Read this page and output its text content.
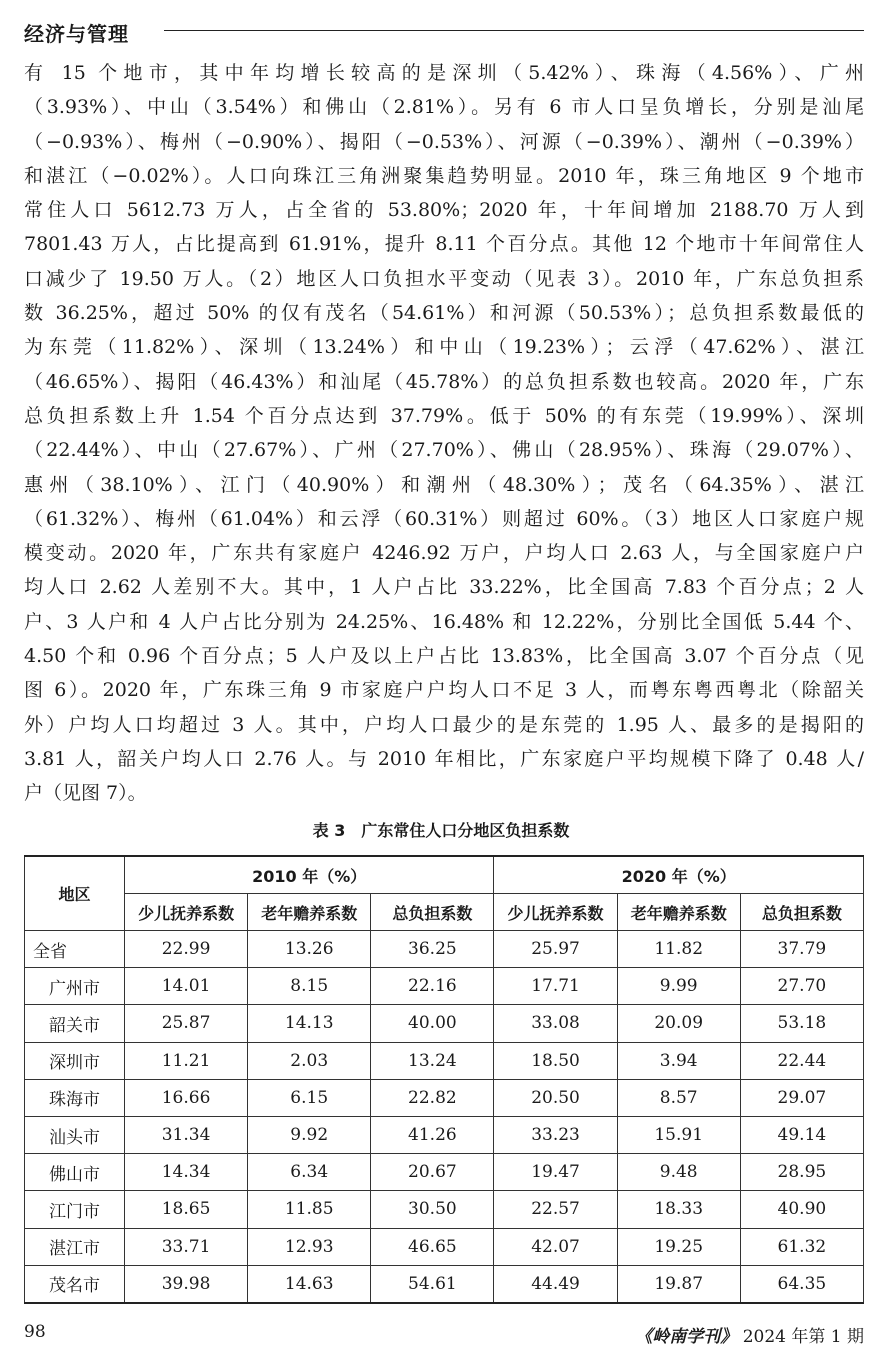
经济与管理
有 15 个地市，其中年均增长较高的是深圳（5.42%）、珠海（4.56%）、广州
（3.93%）、中山（3.54%）和佛山（2.81%）。另有 6 市人口呈负增长，分别是汕尾
（−0.93%）、梅州（−0.90%）、揭阳（−0.53%）、河源（−0.39%）、潮州（−0.39%）
和湛江（−0.02%）。人口向珠江三角洲聚集趋势明显。2010 年，珠三角地区 9 个地市
常住人口 5612.73 万人，占全省的 53.80%；2020 年，十年间增加 2188.70 万人到
7801.43 万人，占比提高到 61.91%，提升 8.11 个百分点。其他 12 个地市十年间常住人
口减少了 19.50 万人。（2）地区人口负担水平变动（见表 3）。2010 年，广东总负担系
数 36.25%，超过 50% 的仅有茂名（54.61%）和河源（50.53%）；总负担系数最低的
为东莞（11.82%）、深圳（13.24%）和中山（19.23%）；云浮（47.62%）、湛江
（46.65%）、揭阳（46.43%）和汕尾（45.78%）的总负担系数也较高。2020 年，广东
总负担系数上升 1.54 个百分点达到 37.79%。低于 50% 的有东莞（19.99%）、深圳
（22.44%）、中山（27.67%）、广州（27.70%）、佛山（28.95%）、珠海（29.07%）、
惠州（38.10%）、江门（40.90%）和潮州（48.30%）；茂名（64.35%）、湛江
（61.32%）、梅州（61.04%）和云浮（60.31%）则超过 60%。（3）地区人口家庭户规
模变动。2020 年，广东共有家庭户 4246.92 万户，户均人口 2.63 人，与全国家庭户户
均人口 2.62 人差别不大。其中，1 人户占比 33.22%，比全国高 7.83 个百分点；2 人
户、3 人户和 4 人户占比分别为 24.25%、16.48% 和 12.22%，分别比全国低 5.44 个、
4.50 个和 0.96 个百分点；5 人户及以上户占比 13.83%，比全国高 3.07 个百分点（见
图 6）。2020 年，广东珠三角 9 市家庭户户均人口不足 3 人，而粤东粤西粤北（除韶关
外）户均人口均超过 3 人。其中，户均人口最少的是东莞的 1.95 人、最多的是揭阳的
3.81 人，韶关户均人口 2.76 人。与 2010 年相比，广东家庭户平均规模下降了 0.48 人/
户（见图 7）。
表 3　广东常住人口分地区负担系数
地区	2010 年（%）			2020 年（%）		
	少儿抚养系数	老年赡养系数	总负担系数	少儿抚养系数	老年赡养系数	总负担系数
全省	22.99	13.26	36.25	25.97	11.82	37.79
广州市	14.01	8.15	22.16	17.71	9.99	27.70
韶关市	25.87	14.13	40.00	33.08	20.09	53.18
深圳市	11.21	2.03	13.24	18.50	3.94	22.44
珠海市	16.66	6.15	22.82	20.50	8.57	29.07
汕头市	31.34	9.92	41.26	33.23	15.91	49.14
佛山市	14.34	6.34	20.67	19.47	9.48	28.95
江门市	18.65	11.85	30.50	22.57	18.33	40.90
湛江市	33.71	12.93	46.65	42.07	19.25	61.32
茂名市	39.98	14.63	54.61	44.49	19.87	64.35
98	《岭南学刊》 2024 年第 1 期
